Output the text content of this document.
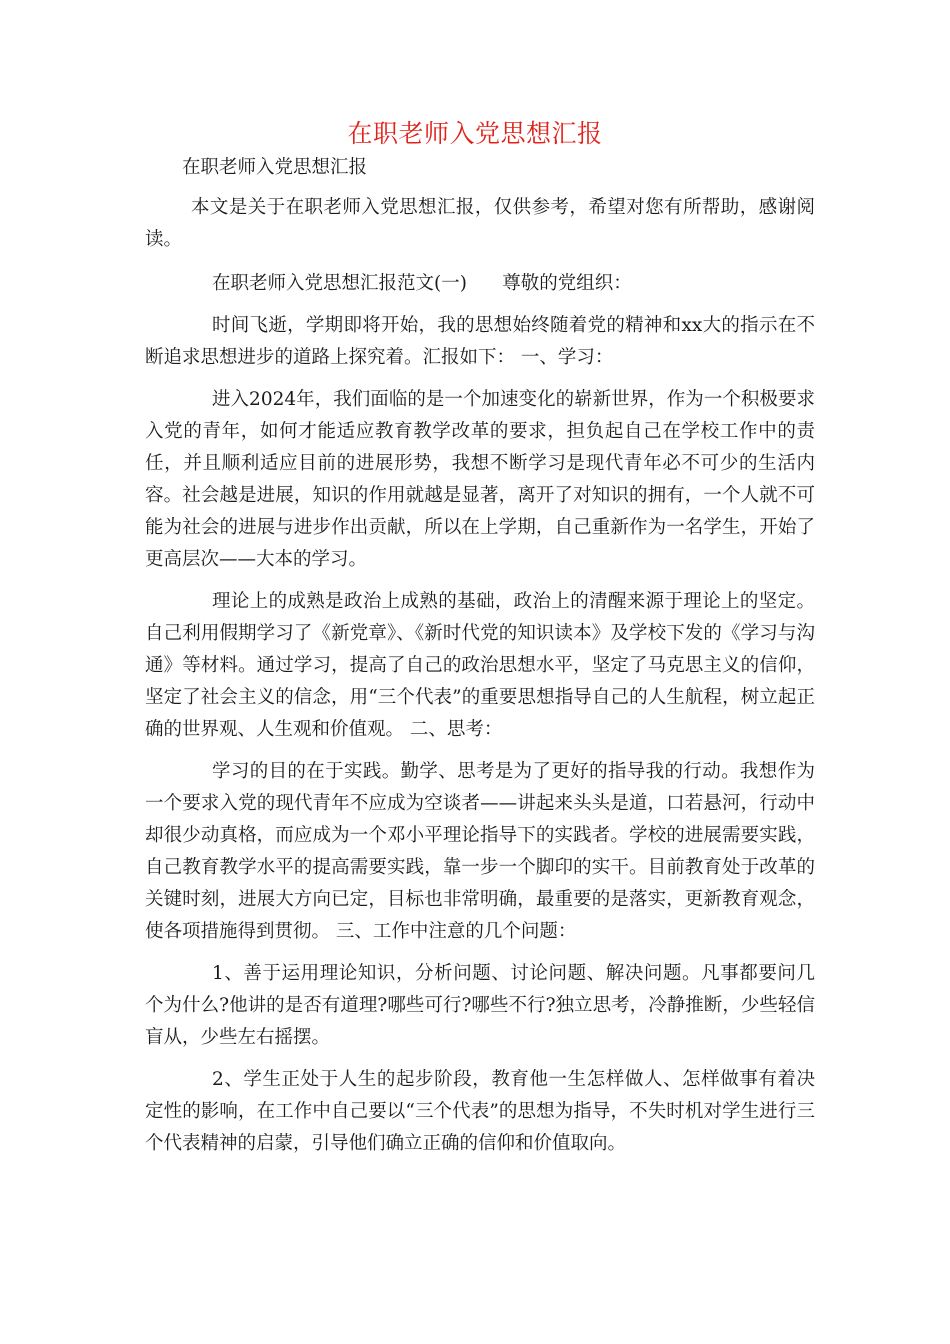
在职老师入党思想汇报

在职老师入党思想汇报

本文是关于在职老师入党思想汇报，仅供参考，希望对您有所帮助，感谢阅读。

在职老师入党思想汇报范文(一)      尊敬的党组织：

时间飞逝，学期即将开始，我的思想始终随着党的精神和xx大的指示在不断追求思想进步的道路上探究着。汇报如下： 一、学习：

进入2024年，我们面临的是一个加速变化的崭新世界，作为一个积极要求入党的青年，如何才能适应教育教学改革的要求，担负起自己在学校工作中的责任，并且顺利适应目前的进展形势，我想不断学习是现代青年必不可少的生活内容。社会越是进展，知识的作用就越是显著，离开了对知识的拥有，一个人就不可能为社会的进展与进步作出贡献，所以在上学期，自己重新作为一名学生，开始了更高层次——大本的学习。

理论上的成熟是政治上成熟的基础，政治上的清醒来源于理论上的坚定。自己利用假期学习了《新党章》、《新时代党的知识读本》及学校下发的《学习与沟通》等材料。通过学习，提高了自己的政治思想水平，坚定了马克思主义的信仰，坚定了社会主义的信念，用“三个代表”的重要思想指导自己的人生航程，树立起正确的世界观、人生观和价值观。 二、思考：

学习的目的在于实践。勤学、思考是为了更好的指导我的行动。我想作为一个要求入党的现代青年不应成为空谈者——讲起来头头是道，口若悬河，行动中却很少动真格，而应成为一个邓小平理论指导下的实践者。学校的进展需要实践，自己教育教学水平的提高需要实践，靠一步一个脚印的实干。目前教育处于改革的关键时刻，进展大方向已定，目标也非常明确，最重要的是落实，更新教育观念，使各项措施得到贯彻。 三、工作中注意的几个问题：

1、善于运用理论知识，分析问题、讨论问题、解决问题。凡事都要问几个为什么?他讲的是否有道理?哪些可行?哪些不行?独立思考，冷静推断，少些轻信盲从，少些左右摇摆。

2、学生正处于人生的起步阶段，教育他一生怎样做人、怎样做事有着决定性的影响，在工作中自己要以“三个代表”的思想为指导，不失时机对学生进行三个代表精神的启蒙，引导他们确立正确的信仰和价值取向。
